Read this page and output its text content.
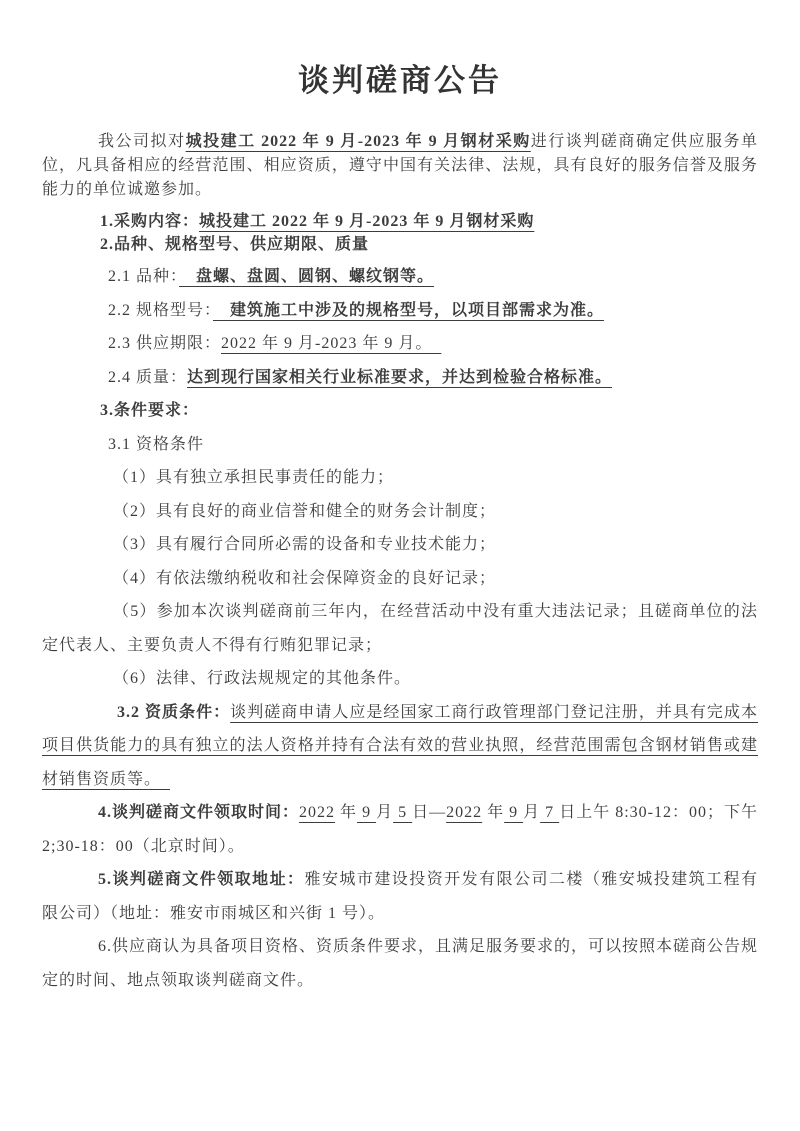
谈判磋商公告

我公司拟对城投建工 2022 年 9 月-2023 年 9 月钢材采购进行谈判磋商确定供应服务单位，凡具备相应的经营范围、相应资质，遵守中国有关法律、法规，具有良好的服务信誉及服务能力的单位诚邀参加。

1.采购内容：城投建工 2022 年 9 月-2023 年 9 月钢材采购

2.品种、规格型号、供应期限、质量

2.1 品种：　盘螺、盘圆、圆钢、螺纹钢等。

2.2 规格型号：　建筑施工中涉及的规格型号，以项目部需求为准。

2.3 供应期限：2022 年 9 月-2023 年 9 月。　

2.4 质量：达到现行国家相关行业标准要求，并达到检验合格标准。

3.条件要求：

3.1 资格条件

（1）具有独立承担民事责任的能力；

（2）具有良好的商业信誉和健全的财务会计制度；

（3）具有履行合同所必需的设备和专业技术能力；

（4）有依法缴纳税收和社会保障资金的良好记录；

（5）参加本次谈判磋商前三年内，在经营活动中没有重大违法记录；且磋商单位的法定代表人、主要负责人不得有行贿犯罪记录；

（6）法律、行政法规规定的其他条件。

3.2 资质条件：谈判磋商申请人应是经国家工商行政管理部门登记注册，并具有完成本项目供货能力的具有独立的法人资格并持有合法有效的营业执照，经营范围需包含钢材销售或建材销售资质等。　

4.谈判磋商文件领取时间：2022 年 9 月 5 日—2022 年 9 月 7 日上午 8:30-12：00；下午 2;30-18：00（北京时间）。

5.谈判磋商文件领取地址：雅安城市建设投资开发有限公司二楼（雅安城投建筑工程有限公司）（地址：雅安市雨城区和兴街 1 号）。

6.供应商认为具备项目资格、资质条件要求，且满足服务要求的，可以按照本磋商公告规定的时间、地点领取谈判磋商文件。
